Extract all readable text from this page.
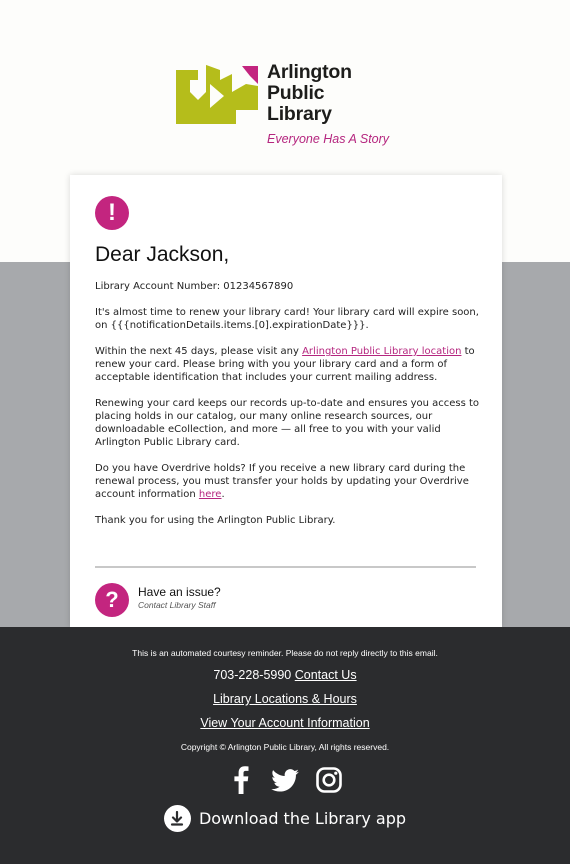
Arlington
Public
Library
Everyone Has A Story
!
Dear Jackson,

Library Account Number: 01234567890

It's almost time to renew your library card! Your library card will expire soon, on {{{notificationDetails.items.[0].expirationDate}}}.

Within the next 45 days, please visit any Arlington Public Library location to renew your card. Please bring with you your library card and a form of acceptable identification that includes your current mailing address.

Renewing your card keeps our records up-to-date and ensures you access to placing holds in our catalog, our many online research sources, our downloadable eCollection, and more — all free to you with your valid Arlington Public Library card.

Do you have Overdrive holds? If you receive a new library card during the renewal process, you must transfer your holds by updating your Overdrive account information here.

Thank you for using the Arlington Public Library.

?	Have an issue?
Contact Library Staff
This is an automated courtesy reminder. Please do not reply directly to this email.
703-228-5990 Contact Us
Library Locations & Hours
View Your Account Information
Copyright © Arlington Public Library, All rights reserved.
Download the Library app
